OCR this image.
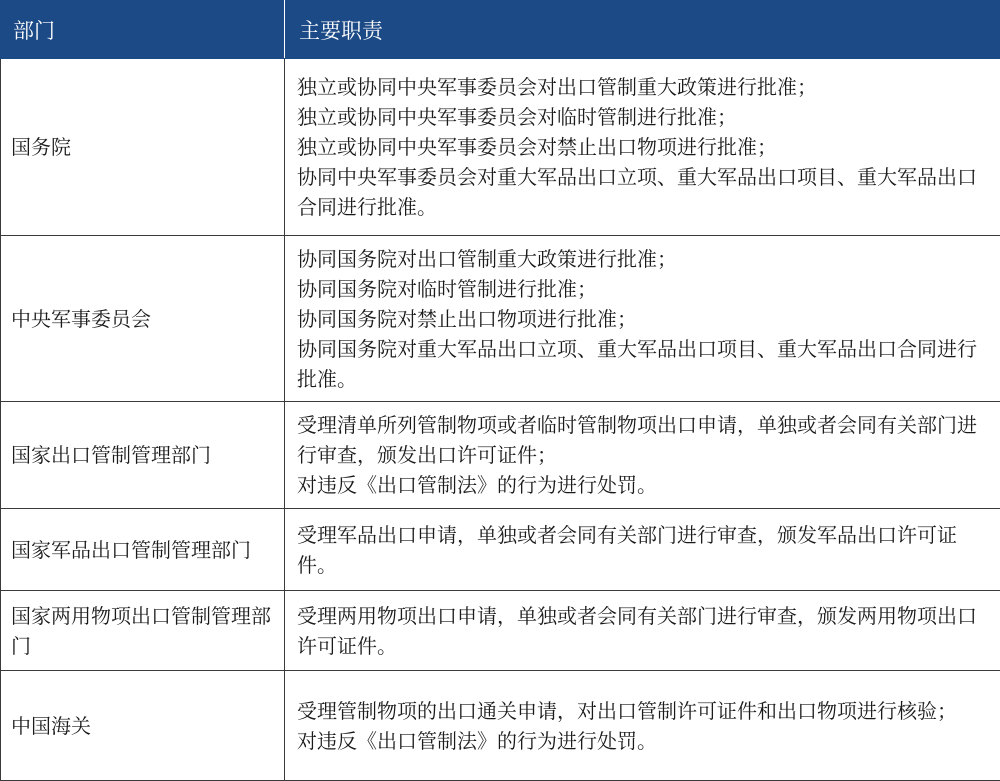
部门	主要职责
国务院	独立或协同中央军事委员会对出口管制重大政策进行批准；
独立或协同中央军事委员会对临时管制进行批准；
独立或协同中央军事委员会对禁止出口物项进行批准；
协同中央军事委员会对重大军品出口立项、重大军品出口项目、重大军品出口合同进行批准。

中央军事委员会	协同国务院对出口管制重大政策进行批准；
协同国务院对临时管制进行批准；
协同国务院对禁止出口物项进行批准；
协同国务院对重大军品出口立项、重大军品出口项目、重大军品出口合同进行批准。

国家出口管制管理部门	受理清单所列管制物项或者临时管制物项出口申请，单独或者会同有关部门进行审查，颁发出口许可证件；
对违反《出口管制法》的行为进行处罚。

国家军品出口管制管理部门	受理军品出口申请，单独或者会同有关部门进行审查，颁发军品出口许可证件。

国家两用物项出口管制管理部门	受理两用物项出口申请，单独或者会同有关部门进行审查，颁发两用物项出口许可证件。

中国海关	受理管制物项的出口通关申请，对出口管制许可证件和出口物项进行核验；
对违反《出口管制法》的行为进行处罚。
